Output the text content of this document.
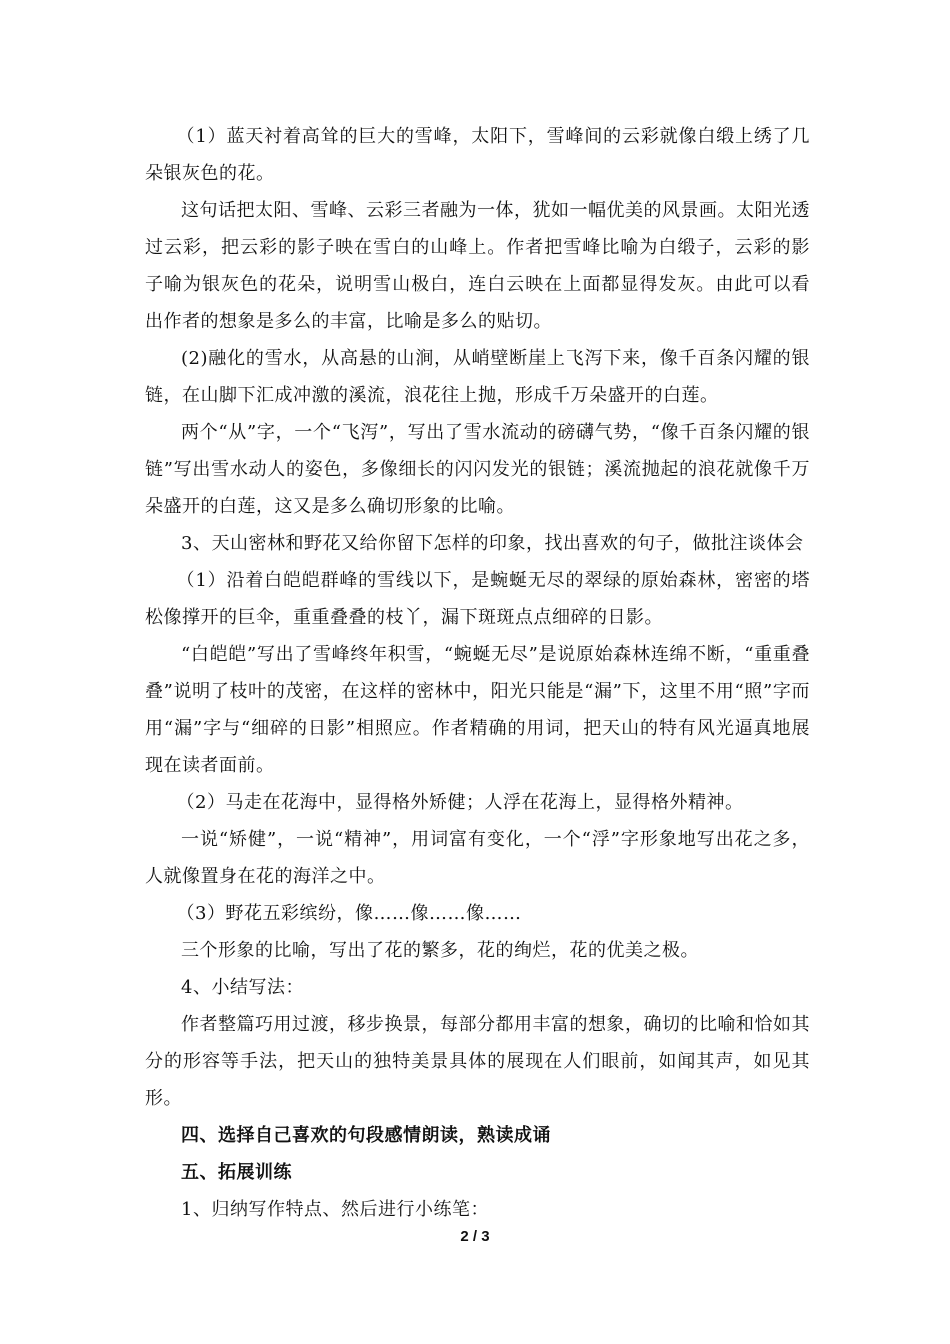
（1）蓝天衬着高耸的巨大的雪峰，太阳下，雪峰间的云彩就像白缎上绣了几朵银灰色的花。

这句话把太阳、雪峰、云彩三者融为一体，犹如一幅优美的风景画。太阳光透过云彩，把云彩的影子映在雪白的山峰上。作者把雪峰比喻为白缎子，云彩的影子喻为银灰色的花朵，说明雪山极白，连白云映在上面都显得发灰。由此可以看出作者的想象是多么的丰富，比喻是多么的贴切。

(2)融化的雪水，从高悬的山涧，从峭壁断崖上飞泻下来，像千百条闪耀的银链，在山脚下汇成冲激的溪流，浪花往上抛，形成千万朵盛开的白莲。

两个“从”字，一个“飞泻”，写出了雪水流动的磅礴气势，“像千百条闪耀的银链”写出雪水动人的姿色，多像细长的闪闪发光的银链；溪流抛起的浪花就像千万朵盛开的白莲，这又是多么确切形象的比喻。

3、天山密林和野花又给你留下怎样的印象，找出喜欢的句子，做批注谈体会

（1）沿着白皑皑群峰的雪线以下，是蜿蜒无尽的翠绿的原始森林，密密的塔松像撑开的巨伞，重重叠叠的枝丫，漏下斑斑点点细碎的日影。

“白皑皑”写出了雪峰终年积雪，“蜿蜒无尽”是说原始森林连绵不断，“重重叠叠”说明了枝叶的茂密，在这样的密林中，阳光只能是“漏”下，这里不用“照”字而用“漏”字与“细碎的日影”相照应。作者精确的用词，把天山的特有风光逼真地展现在读者面前。

（2）马走在花海中，显得格外矫健；人浮在花海上，显得格外精神。

一说“矫健”，一说“精神”，用词富有变化，一个“浮”字形象地写出花之多，人就像置身在花的海洋之中。

（3）野花五彩缤纷，像……像……像……

三个形象的比喻，写出了花的繁多，花的绚烂，花的优美之极。

4、小结写法：

作者整篇巧用过渡，移步换景，每部分都用丰富的想象，确切的比喻和恰如其分的形容等手法，把天山的独特美景具体的展现在人们眼前，如闻其声，如见其形。

四、选择自己喜欢的句段感情朗读，熟读成诵

五、拓展训练

1、归纳写作特点、然后进行小练笔：

2 / 3
